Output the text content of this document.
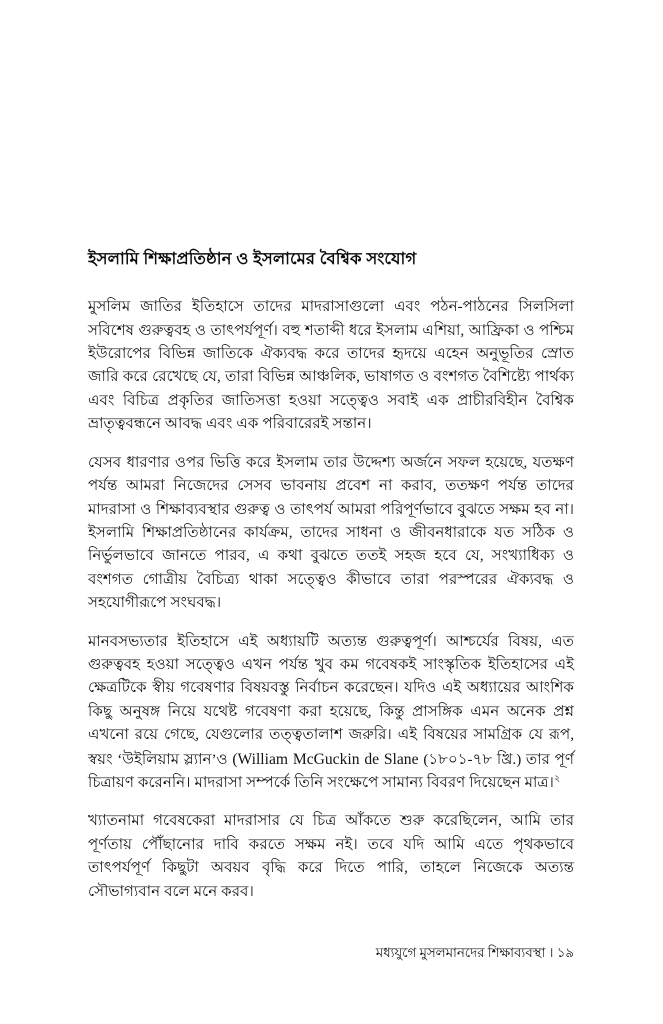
ইসলামি শিক্ষাপ্রতিষ্ঠান ও ইসলামের বৈশ্বিক সংযোগ

মুসলিম জাতির ইতিহাসে তাদের মাদরাসাগুলো এবং পঠন-পাঠনের সিলসিলা সবিশেষ গুরুত্ববহ ও তাৎপর্যপূর্ণ। বহু শতাব্দী ধরে ইসলাম এশিয়া, আফ্রিকা ও পশ্চিম ইউরোপের বিভিন্ন জাতিকে ঐক্যবদ্ধ করে তাদের হৃদয়ে এহেন অনুভূতির স্রোত জারি করে রেখেছে যে, তারা বিভিন্ন আঞ্চলিক, ভাষাগত ও বংশগত বৈশিষ্ট্যে পার্থক্য এবং বিচিত্র প্রকৃতির জাতিসত্তা হওয়া সত্ত্বেও সবাই এক প্রাচীরবিহীন বৈশ্বিক ভ্রাতৃত্ববন্ধনে আবদ্ধ এবং এক পরিবারেরই সন্তান।

যেসব ধারণার ওপর ভিত্তি করে ইসলাম তার উদ্দেশ্য অর্জনে সফল হয়েছে, যতক্ষণ পর্যন্ত আমরা নিজেদের সেসব ভাবনায় প্রবেশ না করাব, ততক্ষণ পর্যন্ত তাদের মাদরাসা ও শিক্ষাব্যবস্থার গুরুত্ব ও তাৎপর্য আমরা পরিপূর্ণভাবে বুঝতে সক্ষম হব না। ইসলামি শিক্ষাপ্রতিষ্ঠানের কার্যক্রম, তাদের সাধনা ও জীবনধারাকে যত সঠিক ও নির্ভুলভাবে জানতে পারব, এ কথা বুঝতে ততই সহজ হবে যে, সংখ্যাধিক্য ও বংশগত গোত্রীয় বৈচিত্র্য থাকা সত্ত্বেও কীভাবে তারা পরস্পরের ঐক্যবদ্ধ ও সহযোগীরূপে সংঘবদ্ধ।

মানবসভ্যতার ইতিহাসে এই অধ্যায়টি অত্যন্ত গুরুত্বপূর্ণ। আশ্চর্যের বিষয়, এত গুরুত্ববহ হওয়া সত্ত্বেও এখন পর্যন্ত খুব কম গবেষকই সাংস্কৃতিক ইতিহাসের এই ক্ষেত্রটিকে স্বীয় গবেষণার বিষয়বস্তু নির্বাচন করেছেন। যদিও এই অধ্যায়ের আংশিক কিছু অনুষঙ্গ নিয়ে যথেষ্ট গবেষণা করা হয়েছে, কিন্তু প্রাসঙ্গিক এমন অনেক প্রশ্ন এখনো রয়ে গেছে, যেগুলোর তত্ত্বতালাশ জরুরি। এই বিষয়ের সামগ্রিক যে রূপ, স্বয়ং ‘উইলিয়াম স্ল্যান’ও (William McGuckin de Slane (১৮০১-৭৮ খ্রি.) তার পূর্ণ চিত্রায়ণ করেননি। মাদরাসা সম্পর্কে তিনি সংক্ষেপে সামান্য বিবরণ দিয়েছেন মাত্র।$^২$

খ্যাতনামা গবেষকেরা মাদরাসার যে চিত্র আঁকতে শুরু করেছিলেন, আমি তার পূর্ণতায় পৌঁছানোর দাবি করতে সক্ষম নই। তবে যদি আমি এতে পৃথকভাবে তাৎপর্যপূর্ণ কিছুটা অবয়ব বৃদ্ধি করে দিতে পারি, তাহলে নিজেকে অত্যন্ত সৌভাগ্যবান বলে মনে করব।

মধ্যযুগে মুসলমানদের শিক্ষাব্যবস্থা । ১৯
